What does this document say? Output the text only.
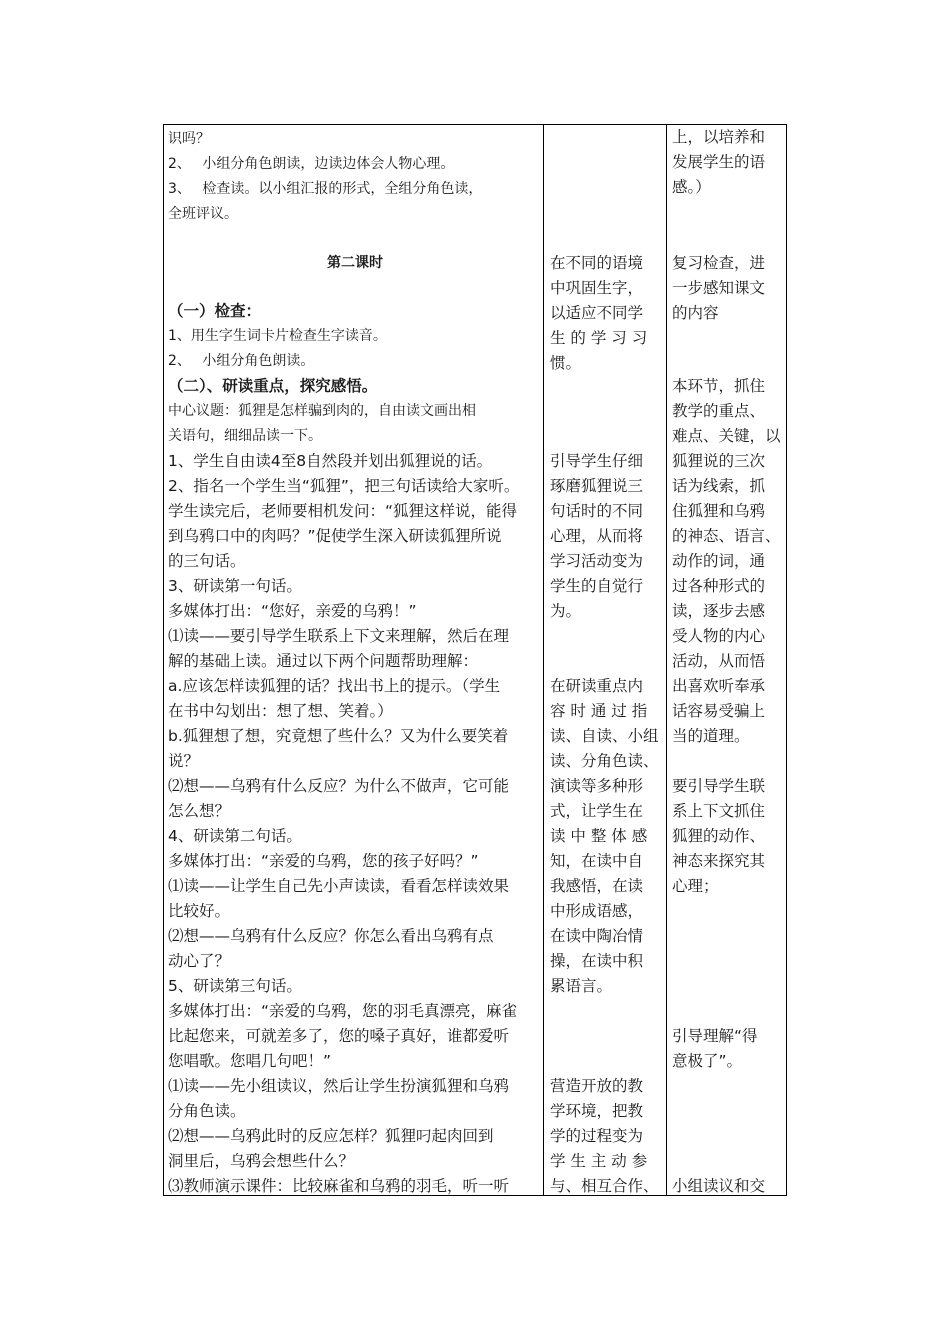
识吗？
2、　 小组分角色朗读，边读边体会人物心理。
3、　 检查读。以小组汇报的形式，全组分角色读，
全班评议。
第二课时
（一）检查：
1、用生字生词卡片检查生字读音。
2、　 小组分角色朗读。
（二）、研读重点，探究感悟。
中心议题：狐狸是怎样骗到肉的，自由读文画出相
关语句，细细品读一下。
1、学生自由读4至8自然段并划出狐狸说的话。
2、指名一个学生当“狐狸”，把三句话读给大家听。
学生读完后，老师要相机发问：“狐狸这样说，能得
到乌鸦口中的肉吗？”促使学生深入研读狐狸所说
的三句话。
3、研读第一句话。
多媒体打出：“您好，亲爱的乌鸦！”
⑴读——要引导学生联系上下文来理解，然后在理
解的基础上读。通过以下两个问题帮助理解：
a.应该怎样读狐狸的话？找出书上的提示。（学生
在书中勾划出：想了想、笑着。）
b.狐狸想了想，究竟想了些什么？又为什么要笑着
说？
⑵想——乌鸦有什么反应？为什么不做声，它可能
怎么想？
4、研读第二句话。
多媒体打出：“亲爱的乌鸦，您的孩子好吗？”
⑴读——让学生自己先小声读读，看看怎样读效果
比较好。
⑵想——乌鸦有什么反应？你怎么看出乌鸦有点
动心了？
5、研读第三句话。
多媒体打出：“亲爱的乌鸦，您的羽毛真漂亮，麻雀
比起您来，可就差多了，您的嗓子真好，谁都爱听
您唱歌。您唱几句吧！”
⑴读——先小组读议，然后让学生扮演狐狸和乌鸦
分角色读。
⑵想——乌鸦此时的反应怎样？狐狸叼起肉回到
洞里后，乌鸦会想些什么？
⑶教师演示课件：比较麻雀和乌鸦的羽毛，听一听
在不同的语境
中巩固生字，
以适应不同学
生 的 学 习 习
惯。
引导学生仔细
琢磨狐狸说三
句话时的不同
心理，从而将
学习活动变为
学生的自觉行
为。
在研读重点内
容 时 通 过 指
读、自读、小组
读、分角色读、
演读等多种形
式，让学生在
读 中 整 体 感
知，在读中自
我感悟，在读
中形成语感，
在读中陶冶情
操，在读中积
累语言。
营造开放的教
学环境，把教
学的过程变为
学 生 主 动 参
与、相互合作、
上，以培养和
发展学生的语
感。）
复习检查，进
一步感知课文
的内容
本环节，抓住
教学的重点、
难点、关键，以
狐狸说的三次
话为线索，抓
住狐狸和乌鸦
的神态、语言、
动作的词，通
过各种形式的
读，逐步去感
受人物的内心
活动，从而悟
出喜欢听奉承
话容易受骗上
当的道理。
要引导学生联
系上下文抓住
狐狸的动作、
神态来探究其
心理；
引导理解“得
意极了”。
小组读议和交
